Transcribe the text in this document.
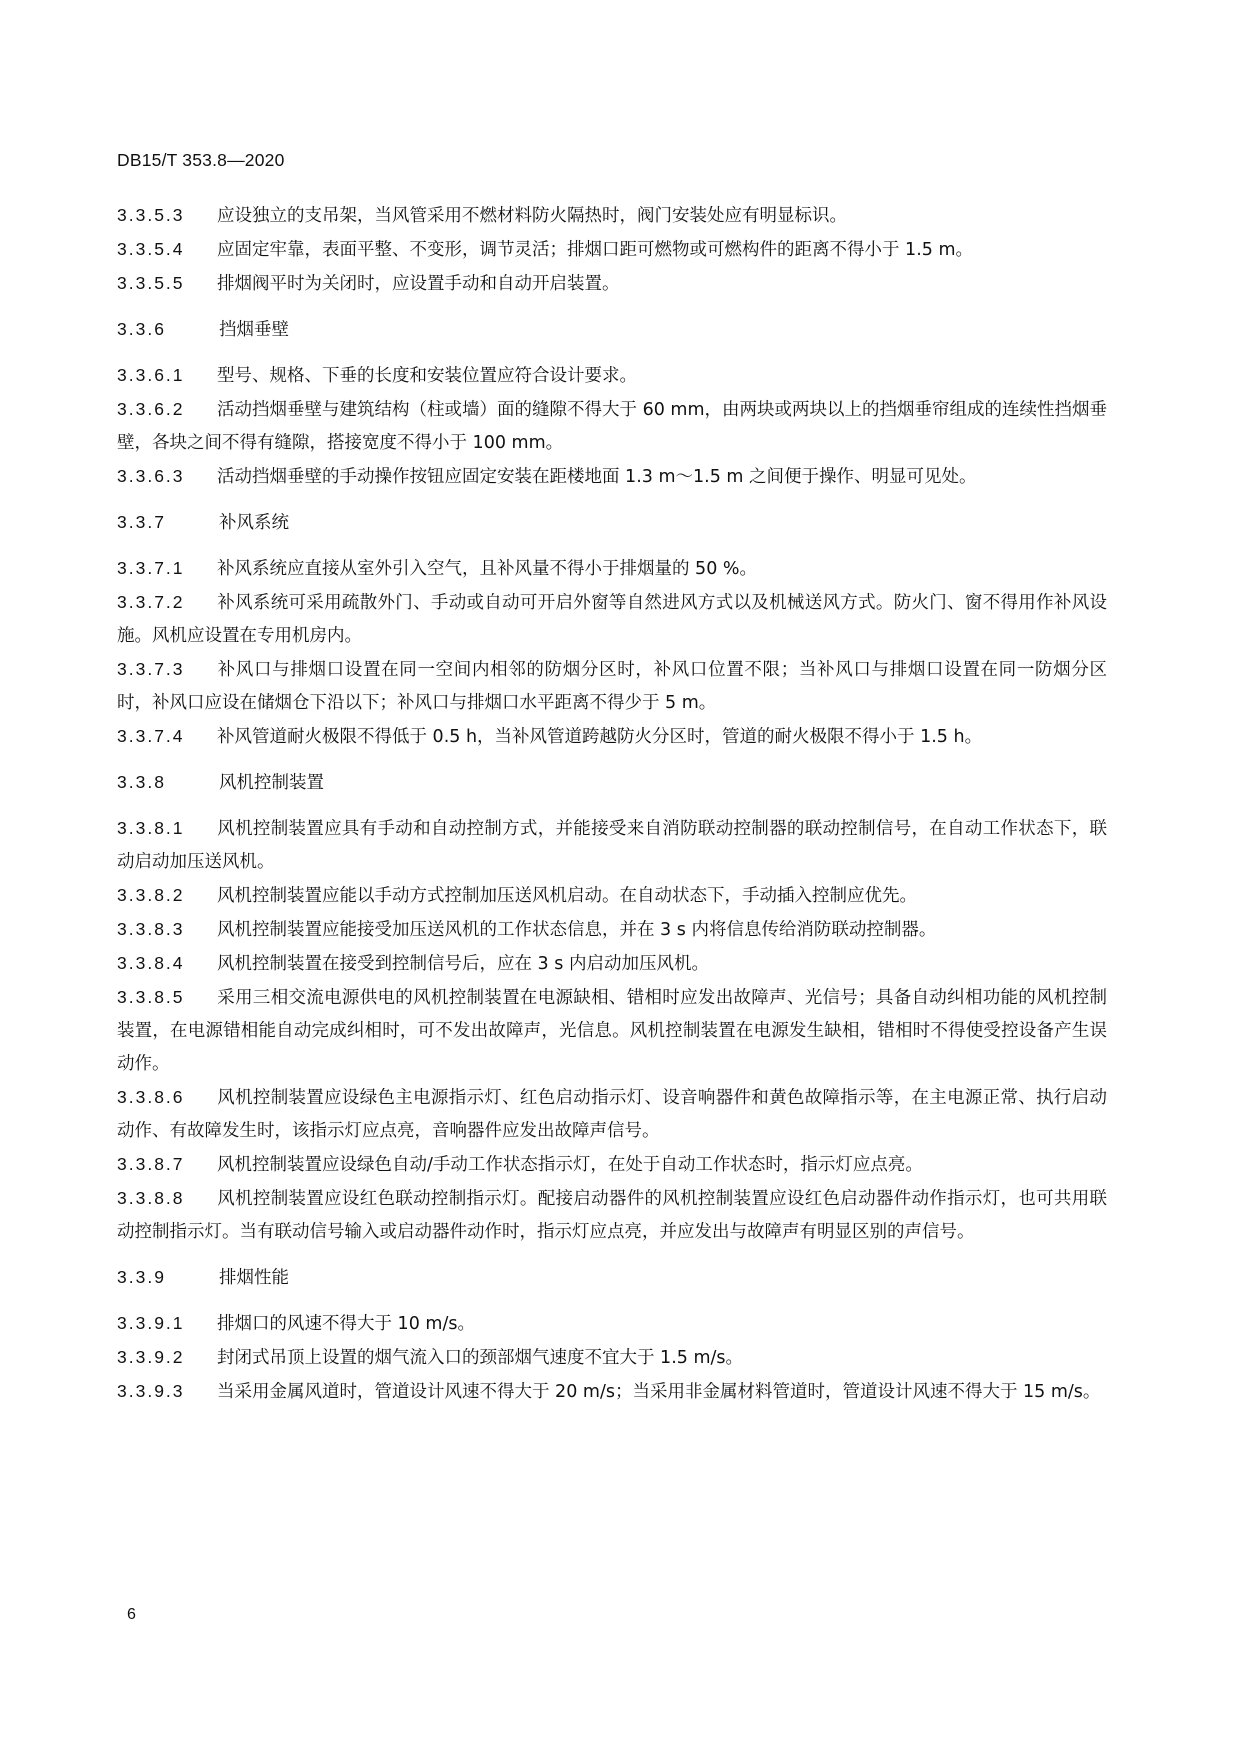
DB15/T 353.8—2020

3.3.5.3 应设独立的支吊架，当风管采用不燃材料防火隔热时，阀门安装处应有明显标识。

3.3.5.4 应固定牢靠，表面平整、不变形，调节灵活；排烟口距可燃物或可燃构件的距离不得小于 1.5 m。

3.3.5.5 排烟阀平时为关闭时，应设置手动和自动开启装置。

3.3.6	挡烟垂壁

3.3.6.1 型号、规格、下垂的长度和安装位置应符合设计要求。

3.3.6.2 活动挡烟垂壁与建筑结构（柱或墙）面的缝隙不得大于 60 mm，由两块或两块以上的挡烟垂帘组成的连续性挡烟垂壁，各块之间不得有缝隙，搭接宽度不得小于 100 mm。

3.3.6.3 活动挡烟垂壁的手动操作按钮应固定安装在距楼地面 1.3 m～1.5 m 之间便于操作、明显可见处。

3.3.7	补风系统

3.3.7.1 补风系统应直接从室外引入空气，且补风量不得小于排烟量的 50 %。

3.3.7.2 补风系统可采用疏散外门、手动或自动可开启外窗等自然进风方式以及机械送风方式。防火门、窗不得用作补风设施。风机应设置在专用机房内。

3.3.7.3 补风口与排烟口设置在同一空间内相邻的防烟分区时，补风口位置不限；当补风口与排烟口设置在同一防烟分区时，补风口应设在储烟仓下沿以下；补风口与排烟口水平距离不得少于 5 m。

3.3.7.4 补风管道耐火极限不得低于 0.5 h，当补风管道跨越防火分区时，管道的耐火极限不得小于 1.5 h。

3.3.8	风机控制装置

3.3.8.1 风机控制装置应具有手动和自动控制方式，并能接受来自消防联动控制器的联动控制信号，在自动工作状态下，联动启动加压送风机。

3.3.8.2 风机控制装置应能以手动方式控制加压送风机启动。在自动状态下，手动插入控制应优先。

3.3.8.3 风机控制装置应能接受加压送风机的工作状态信息，并在 3 s 内将信息传给消防联动控制器。

3.3.8.4 风机控制装置在接受到控制信号后，应在 3 s 内启动加压风机。

3.3.8.5 采用三相交流电源供电的风机控制装置在电源缺相、错相时应发出故障声、光信号；具备自动纠相功能的风机控制装置，在电源错相能自动完成纠相时，可不发出故障声，光信息。风机控制装置在电源发生缺相，错相时不得使受控设备产生误动作。

3.3.8.6 风机控制装置应设绿色主电源指示灯、红色启动指示灯、设音响器件和黄色故障指示等，在主电源正常、执行启动动作、有故障发生时，该指示灯应点亮，音响器件应发出故障声信号。

3.3.8.7 风机控制装置应设绿色自动/手动工作状态指示灯，在处于自动工作状态时，指示灯应点亮。

3.3.8.8 风机控制装置应设红色联动控制指示灯。配接启动器件的风机控制装置应设红色启动器件动作指示灯，也可共用联动控制指示灯。当有联动信号输入或启动器件动作时，指示灯应点亮，并应发出与故障声有明显区别的声信号。

3.3.9	排烟性能

3.3.9.1 排烟口的风速不得大于 10 m/s。

3.3.9.2 封闭式吊顶上设置的烟气流入口的颈部烟气速度不宜大于 1.5 m/s。

3.3.9.3 当采用金属风道时，管道设计风速不得大于 20 m/s；当采用非金属材料管道时，管道设计风速不得大于 15 m/s。

6
